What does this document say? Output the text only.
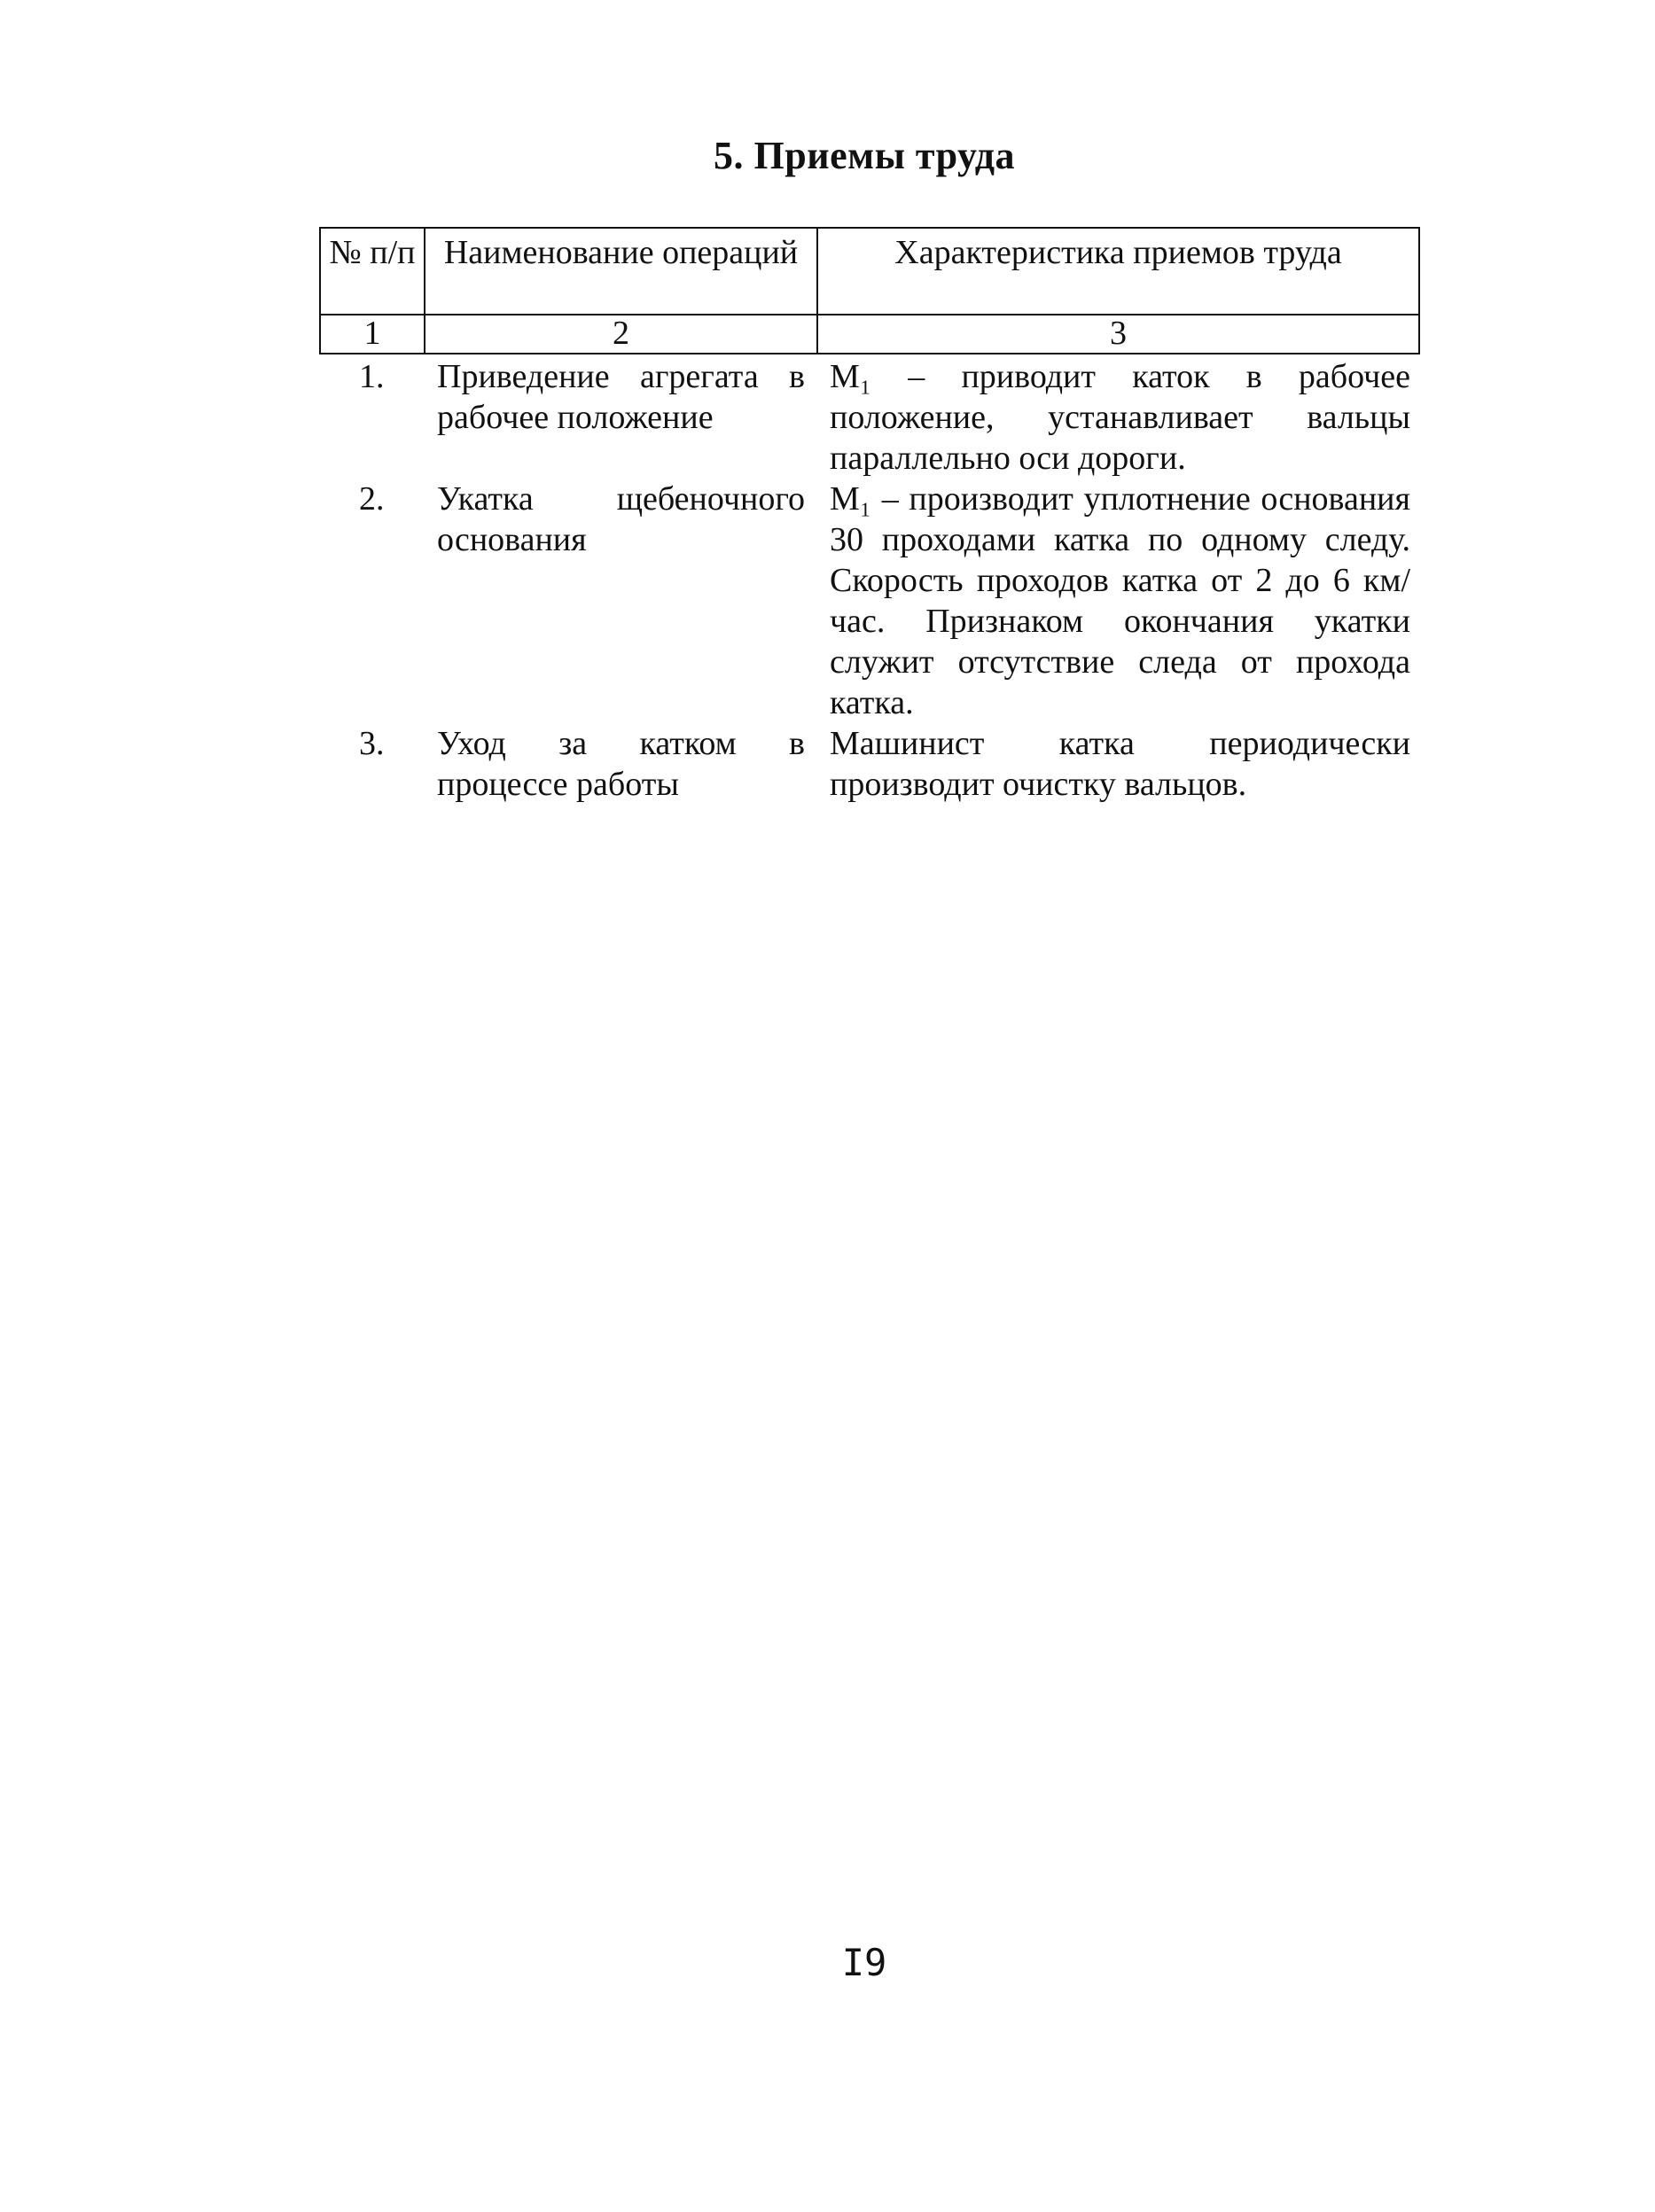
5. Приемы труда
№ п/п	Наименование операций	Характеристика приемов труда
1	2	3
1.	Приведение агрегата в рабочее положение	M₁ – приводит каток в рабочее положение, устанавливает вальцы параллельно оси дороги.
2.	Укатка щебеночного основания	M₁ – производит уплотнение основания 30 проходами катка по одному следу. Скорость проходов катка от 2 до 6 км/час. Признаком окончания укатки служит отсутствие следа от прохода катка.
3.	Уход за катком в процессе работы	Машинист катка периодически производит очистку вальцов.
I9
